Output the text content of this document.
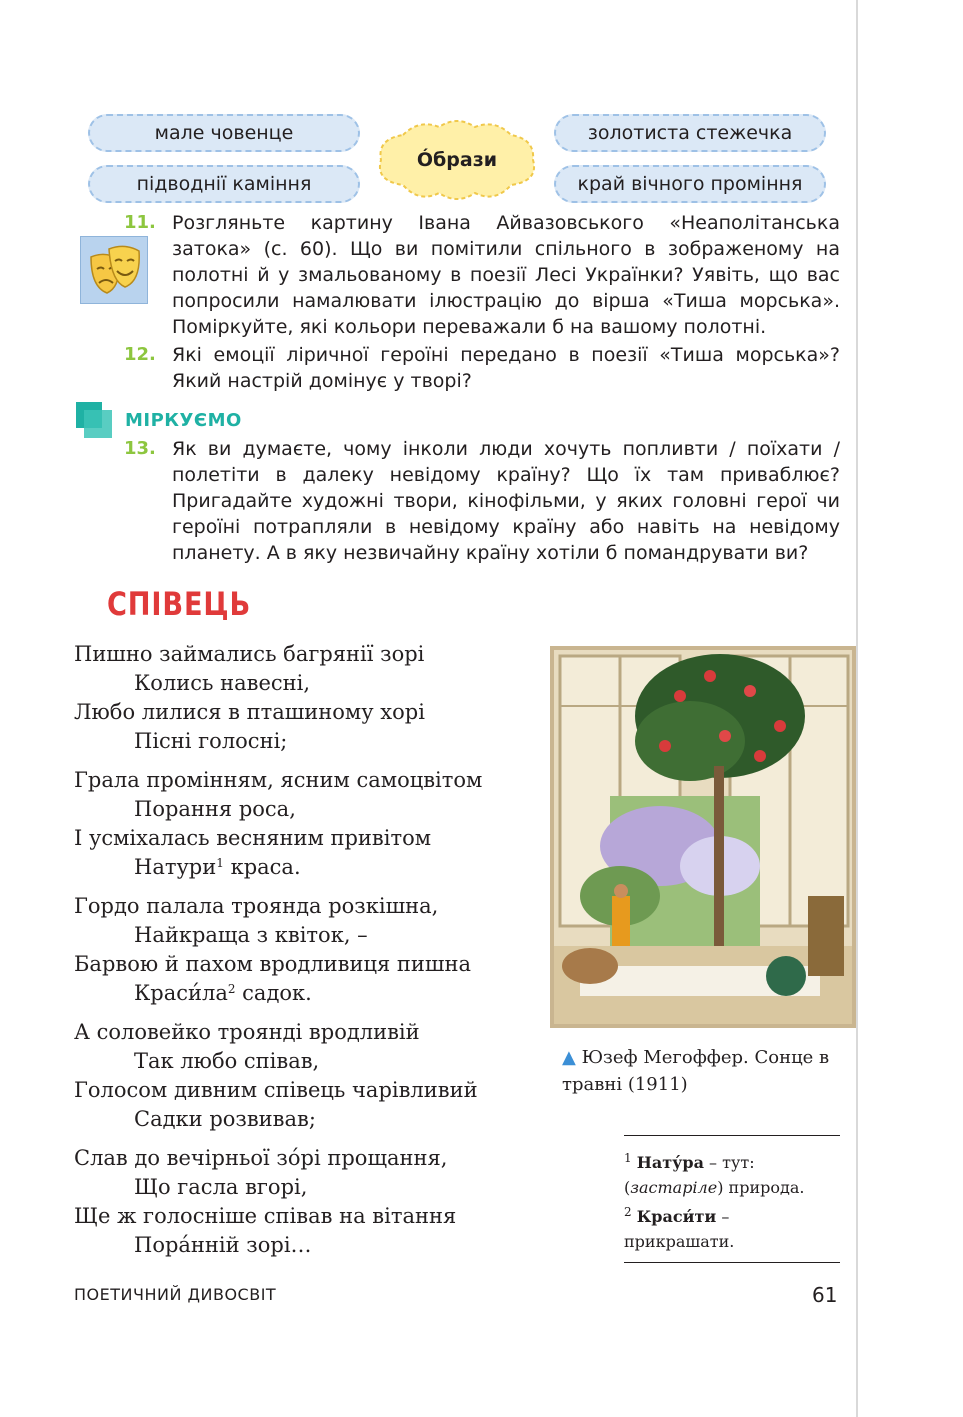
мале човенце
підводнії каміння
Óбрази
золотиста стежечка
край вічного проміння
11. Розгляньте картину Івана Айвазовського «Неаполітанська затока» (с. 60). Що ви помітили спільного в зображеному на полотні й у змальованому в поезії Лесі Українки? Уявіть, що вас попросили намалювати ілюстрацію до вірша «Тиша морська». Поміркуйте, які кольори переважали б на вашому полотні.
12. Які емоції ліричної героїні передано в поезії «Тиша морська»? Який настрій домінує у творі?
МІРКУЄМО
13. Як ви думаєте, чому інколи люди хочуть попливти / поїхати / полетіти в далеку невідому країну? Що їх там приваблює? Пригадайте художні твори, кінофільми, у яких головні герої чи героїні потрапляли в невідому країну або навіть на невідому планету. А в яку незвичайну країну хотіли б помандрувати ви?
СПІВЕЦЬ
Пишно займались багрянії зорі
Колись навесні,
Любо лилися в пташиному хорі
Пісні голосні;
Грала промінням, ясним самоцвітом
Порання роса,
І усміхалась весняним привітом
Натури$^1$ краса.
Гордо палала троянда розкішна,
Найкраща з квіток, –
Барвою й пахом вродливиця пишна
$Краси́ла^2$ садок.
А соловейко троянді вродливій
Так любо співав,
Голосом дивним співець чарівливий
Садки розвивав;
Слав до вечірньої зо́рі прощання,
Що гасла вгорі,
Ще ж голосніше співав на вітання
Пора́нній зорі…
▲ Юзеф Мегоффер. Сонце в травні (1911)

$^1$ Нату́ра – тут: (застаріле) природа.

$^2$ Краси́ти – прикрашати.

ПОЕТИЧНИЙ ДИВОСВІТ	61
